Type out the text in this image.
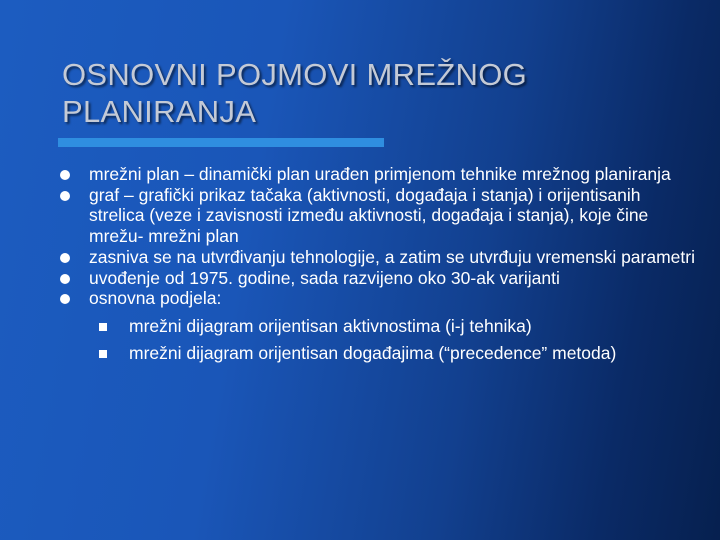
OSNOVNI POJMOVI MREŽNOG PLANIRANJA
mrežni plan – dinamički plan urađen primjenom tehnike mrežnog planiranja
graf – grafički prikaz tačaka (aktivnosti, događaja i stanja) i orijentisanih strelica (veze i zavisnosti između aktivnosti, događaja i stanja), koje čine mrežu- mrežni plan
zasniva se na utvrđivanju tehnologije, a zatim se utvrđuju vremenski parametri
uvođenje od 1975. godine, sada razvijeno oko 30-ak varijanti
osnovna podjela:
mrežni dijagram orijentisan aktivnostima (i-j tehnika)
mrežni dijagram orijentisan događajima (“precedence” metoda)
